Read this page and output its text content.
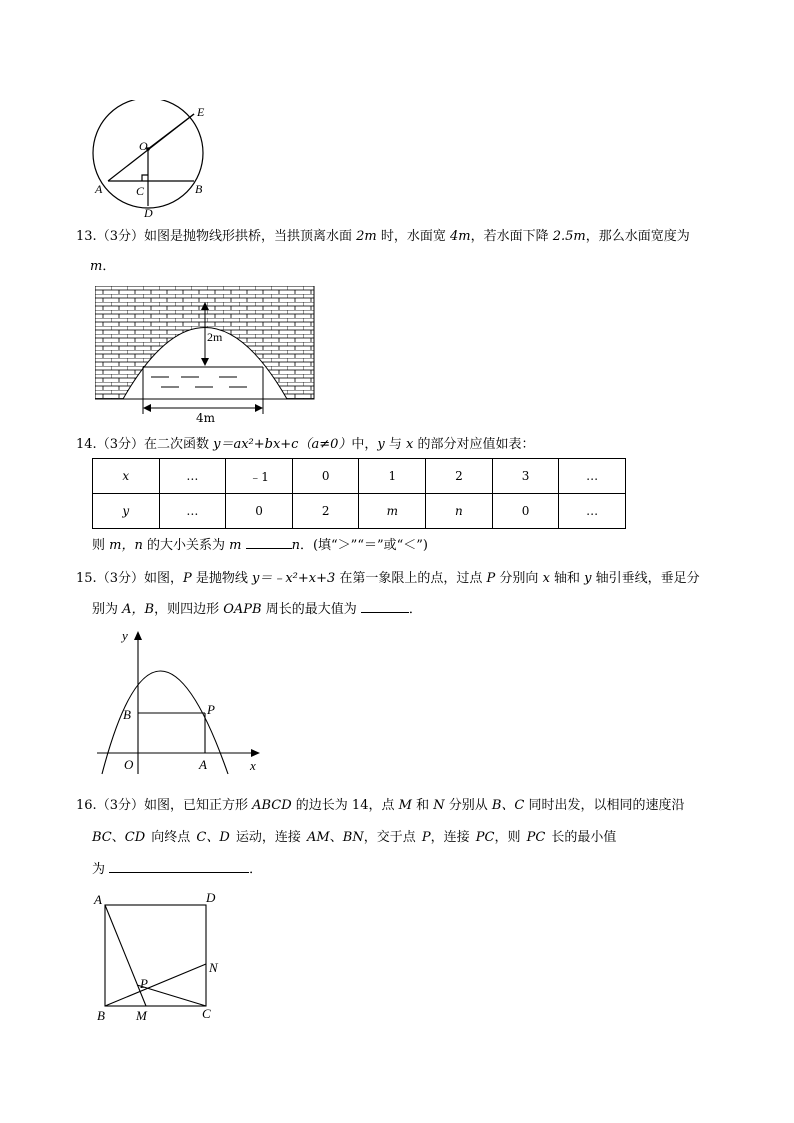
E
O
A	C	B
D
13.（3分）如图是抛物线形拱桥，当拱顶离水面 2m 时，水面宽 4m，若水面下降 2.5m，那么水面宽度为
m．
2m
4m
14.（3分）在二次函数 y＝ax²+bx+c（a≠0）中，y 与 x 的部分对应值如表：
x	…	﹣1	0	1	2	3	…
y	…	0	2	m	n	0	…
则 m，n 的大小关系为 m	n．(填“＞”“＝”或“＜”)
15.（3分）如图，P 是抛物线 y＝﹣x²+x+3 在第一象限上的点，过点 P 分别向 x 轴和 y 轴引垂线，垂足分
别为 A，B，则四边形 OAPB 周长的最大值为	．
y
x
O	A
B	P
16.（3分）如图，已知正方形 ABCD 的边长为 14，点 M 和 N 分别从 B、C 同时出发，以相同的速度沿
BC、CD 向终点 C、D 运动，连接 AM、BN，交于点 P，连接 PC，则 PC 长的最小值
为	．
A	D
N
P
B M	C
